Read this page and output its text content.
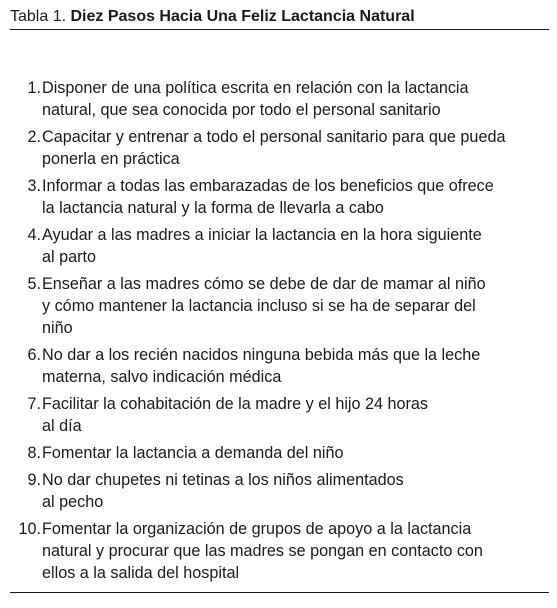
Tabla 1. Diez Pasos Hacia Una Feliz Lactancia Natural

1. Disponer de una política escrita en relación con la lactancia
natural, que sea conocida por todo el personal sanitario
2. Capacitar y entrenar a todo el personal sanitario para que pueda
ponerla en práctica
3. Informar a todas las embarazadas de los beneficios que ofrece
la lactancia natural y la forma de llevarla a cabo
4. Ayudar a las madres a iniciar la lactancia en la hora siguiente
al parto
5. Enseñar a las madres cómo se debe de dar de mamar al niño
y cómo mantener la lactancia incluso si se ha de separar del
niño
6. No dar a los recién nacidos ninguna bebida más que la leche
materna, salvo indicación médica
7. Facilitar la cohabitación de la madre y el hijo 24 horas
al día
8. Fomentar la lactancia a demanda del niño
9. No dar chupetes ni tetinas a los niños alimentados
al pecho
10. Fomentar la organización de grupos de apoyo a la lactancia
natural y procurar que las madres se pongan en contacto con
ellos a la salida del hospital
